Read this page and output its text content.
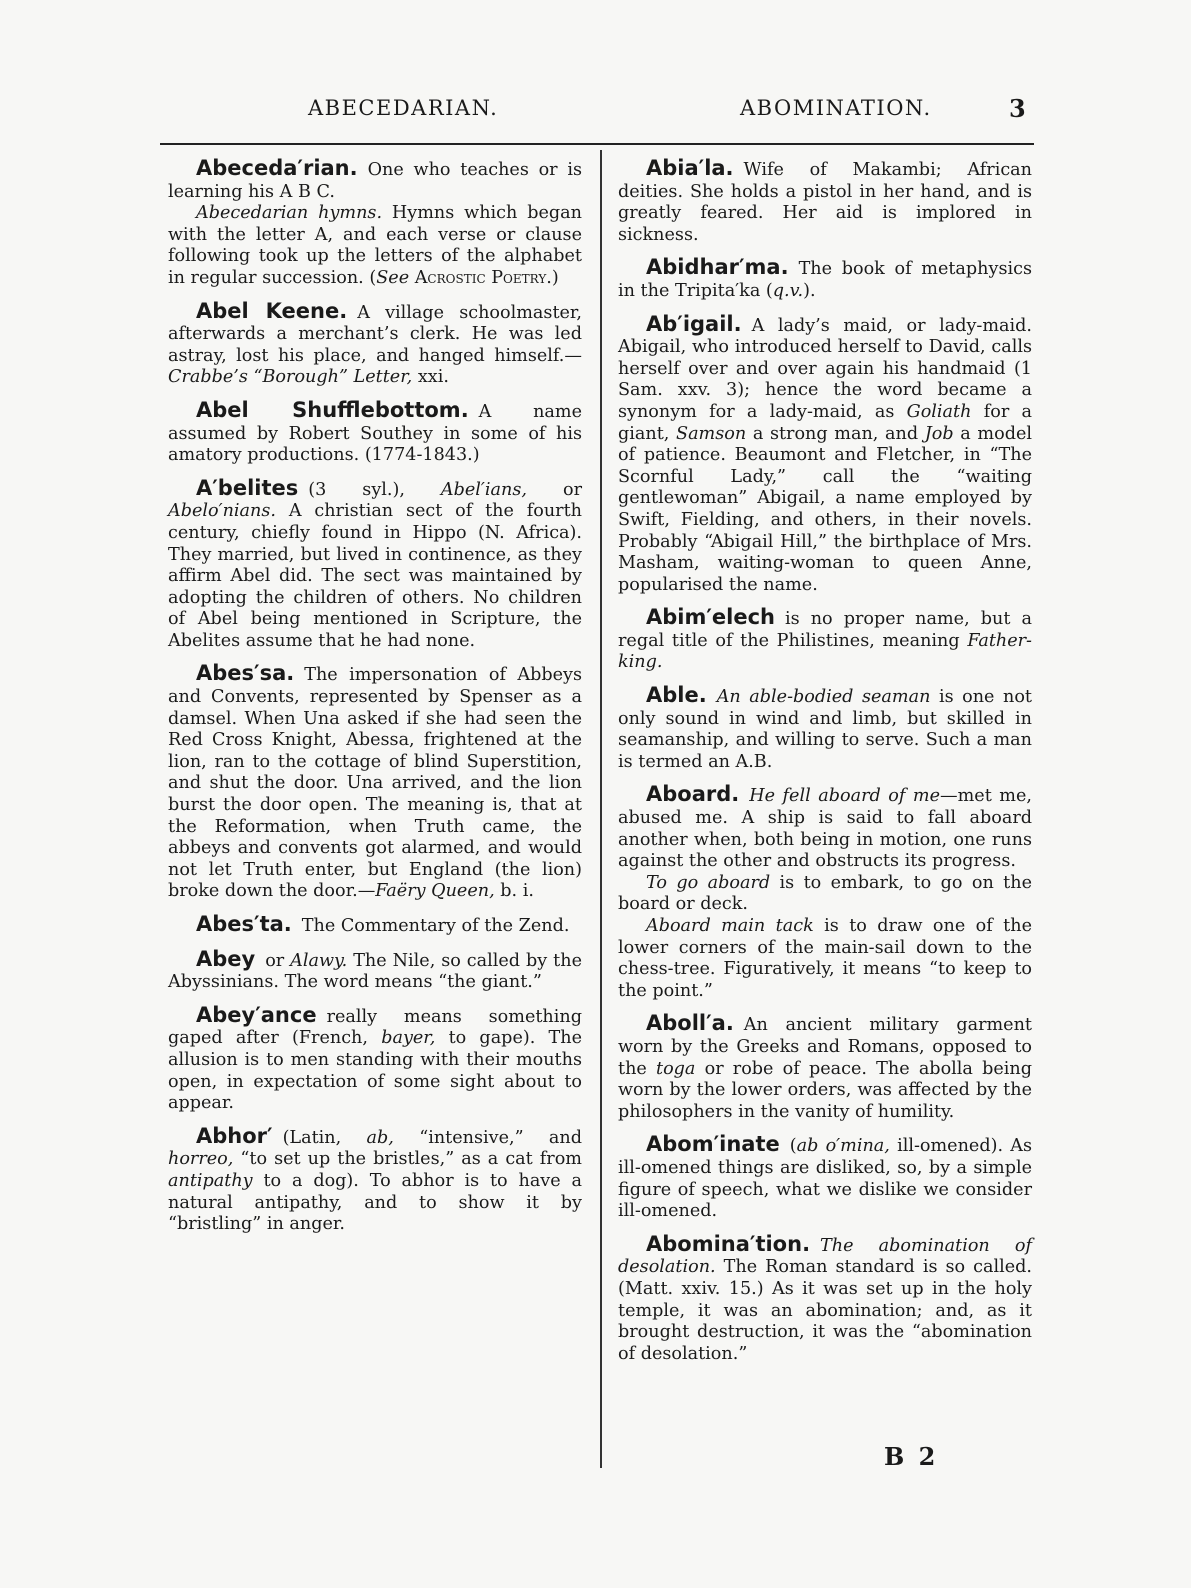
ABECEDARIAN.	ABOMINATION.	3

Abeceda′rian. One who teaches or is learning his A B C.

Abecedarian hymns. Hymns which began with the letter A, and each verse or clause following took up the letters of the alphabet in regular succession. (See Acrostic Poetry.)

Abel Keene. A village schoolmaster, afterwards a merchant’s clerk. He was led astray, lost his place, and hanged himself.— Crabbe’s “Borough” Letter, xxi.

Abel Shufflebottom. A name assumed by Robert Southey in some of his amatory productions. (1774-1843.)

A′belites (3 syl.), Abel′ians, or Abelo′nians. A christian sect of the fourth century, chiefly found in Hippo (N. Africa). They married, but lived in continence, as they affirm Abel did. The sect was maintained by adopting the children of others. No children of Abel being mentioned in Scripture, the Abelites assume that he had none.

Abes′sa. The impersonation of Abbeys and Convents, represented by Spenser as a damsel. When Una asked if she had seen the Red Cross Knight, Abessa, frightened at the lion, ran to the cottage of blind Superstition, and shut the door. Una arrived, and the lion burst the door open. The meaning is, that at the Reformation, when Truth came, the abbeys and convents got alarmed, and would not let Truth enter, but England (the lion) broke down the door.—Faëry Queen, b. i.

Abes′ta. The Commentary of the Zend.

Abey or Alawy. The Nile, so called by the Abyssinians. The word means “the giant.”

Abey′ance really means something gaped after (French, bayer, to gape). The allusion is to men standing with their mouths open, in expectation of some sight about to appear.

Abhor′ (Latin, ab, “intensive,” and horreo, “to set up the bristles,” as a cat from antipathy to a dog). To abhor is to have a natural antipathy, and to show it by “bristling” in anger.

Abia′la. Wife of Makambi; African deities. She holds a pistol in her hand, and is greatly feared. Her aid is implored in sickness.

Abidhar′ma. The book of metaphysics in the Tripita′ka (q.v.).

Ab′igail. A lady’s maid, or lady-maid. Abigail, who introduced herself to David, calls herself over and over again his handmaid (1 Sam. xxv. 3); hence the word became a synonym for a lady-maid, as Goliath for a giant, Samson a strong man, and Job a model of patience. Beaumont and Fletcher, in “The Scornful Lady,” call the “waiting gentlewoman” Abigail, a name employed by Swift, Fielding, and others, in their novels. Probably “Abigail Hill,” the birthplace of Mrs. Masham, waiting-woman to queen Anne, popularised the name.

Abim′elech is no proper name, but a regal title of the Philistines, meaning Father-king.

Able. An able-bodied seaman is one not only sound in wind and limb, but skilled in seamanship, and willing to serve. Such a man is termed an A.B.

Aboard. He fell aboard of me—met me, abused me. A ship is said to fall aboard another when, both being in motion, one runs against the other and obstructs its progress.

To go aboard is to embark, to go on the board or deck.

Aboard main tack is to draw one of the lower corners of the main-sail down to the chess-tree. Figuratively, it means “to keep to the point.”

Aboll′a. An ancient military garment worn by the Greeks and Romans, opposed to the toga or robe of peace. The abolla being worn by the lower orders, was affected by the philosophers in the vanity of humility.

Abom′inate (ab o′mina, ill-omened). As ill-omened things are disliked, so, by a simple figure of speech, what we dislike we consider ill-omened.

Abomina′tion. The abomination of desolation. The Roman standard is so called. (Matt. xxiv. 15.) As it was set up in the holy temple, it was an abomination; and, as it brought destruction, it was the “abomination of desolation.”

B 2
